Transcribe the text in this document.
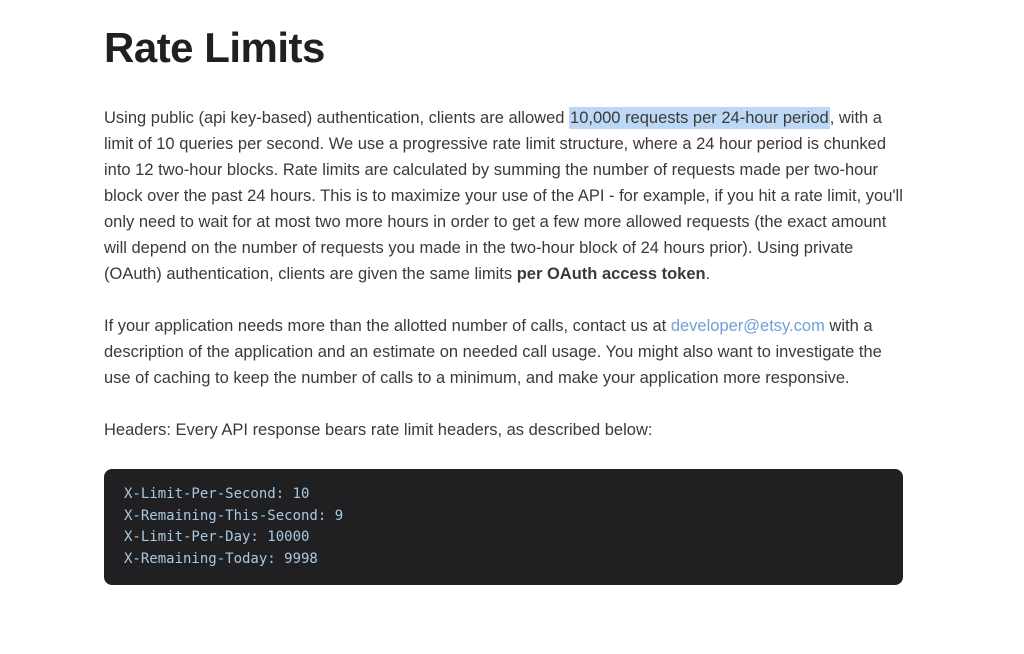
Rate Limits

Using public (api key-based) authentication, clients are allowed 10,000 requests per 24-hour period, with a limit of 10 queries per second. We use a progressive rate limit structure, where a 24 hour period is chunked into 12 two-hour blocks. Rate limits are calculated by summing the number of requests made per two-hour block over the past 24 hours. This is to maximize your use of the API - for example, if you hit a rate limit, you'll only need to wait for at most two more hours in order to get a few more allowed requests (the exact amount will depend on the number of requests you made in the two-hour block of 24 hours prior). Using private (OAuth) authentication, clients are given the same limits per OAuth access token.

If your application needs more than the allotted number of calls, contact us at developer@etsy.com with a description of the application and an estimate on needed call usage. You might also want to investigate the use of caching to keep the number of calls to a minimum, and make your application more responsive.

Headers: Every API response bears rate limit headers, as described below:

X-Limit-Per-Second: 10
X-Remaining-This-Second: 9
X-Limit-Per-Day: 10000
X-Remaining-Today: 9998
